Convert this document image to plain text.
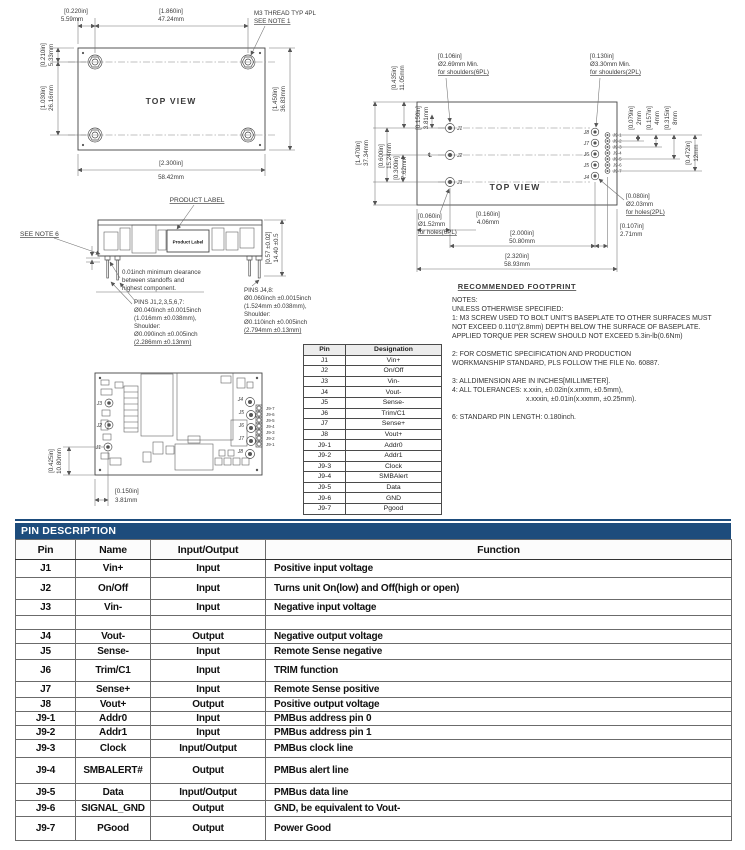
[0.220in]
5.59mm
[1.860in]
47.24mm
M3 THREAD TYP 4PL
SEE NOTE 1
[0.210in] 5.33mm
[1.030in] 26.16mm	[1.450in] 36.83mm
[2.300in]
58.42mm
TOP VIEW
J1
J2
J3
℄
J8
J7
J6
J5
J4
J9-1
J9-2
J9-3
J9-4
J9-5
J9-6
J9-7
[1.470in] 37.34mm [0.600in] 15.24mm [0.300in] 7.62mm
[0.150in] 3.81mm
[0.435in] 11.05mm
[0.106in]
Ø2.69mm Min.
for shoulders(6PL)
[0.130in]
Ø3.30mm Min.
for shoulders(2PL)
[0.079in] 2mm [0.157in] 4mm [0.315in] 8mm
[0.472in] 12mm
[0.160in]
4.06mm
[2.000in]
50.80mm
[0.107in]
2.71mm
[2.320in]
58.93mm
[0.060in]
Ø1.52mm
for holes(6PL)
[0.080in]
Ø2.03mm
for holes(2PL)
TOP VIEW
RECOMMENDED FOOTPRINT
PRODUCT LABEL
Product Label
SEE NOTE 6	[0.57 ±0.02] 14.40 ±0.5
0.01inch minimum clearance
between standoffs and
highest component.
PINS J1,2,3,5,6,7:
Ø0.040inch ±0.0015inch
(1.016mm ±0.038mm),
Shoulder:
Ø0.090inch ±0.005inch
(2.286mm ±0.13mm)
PINS J4,8:
Ø0.060inch ±0.0015inch
(1.524mm ±0.038mm),
Shoulder:
Ø0.110inch ±0.005inch
(2.794mm ±0.13mm)
J3
J2
J1
J4
J5
J6
J7
J8
J9-7
J9-6
J9-5
J9-4
J9-3
J9-2
J9-1
[0.425in] 10.80mm
[0.150in]
3.81mm
Pin	Designation
J1	Vin+
J2	On/Off
J3	Vin-
J4	Vout-
J5	Sense-
J6	Trim/C1
J7	Sense+
J8	Vout+
J9-1	Addr0
J9-2	Addr1
J9-3	Clock
J9-4	SMBAlert
J9-5	Data
J9-6	GND
J9-7	Pgood
NOTES:
UNLESS OTHERWISE SPECIFIED:
1: M3 SCREW USED TO BOLT UNIT'S BASEPLATE TO OTHER SURFACES MUST
NOT EXCEED 0.110"(2.8mm) DEPTH BELOW THE SURFACE OF BASEPLATE.
APPLIED TORQUE PER SCREW SHOULD NOT EXCEED 5.3in-lb(0.6Nm)

2: FOR COSMETIC SPECIFICATION AND PRODUCTION
WORKMANSHIP STANDARD, PLS FOLLOW THE FILE No. 60887.

3: ALLDIMENSION ARE IN INCHES[MILLIMETER].
4: ALL TOLERANCES: x.xxin, ±0.02in(x.xmm, ±0.5mm),
x.xxxin, ±0.01in(x.xxmm, ±0.25mm).

6: STANDARD PIN LENGTH: 0.180inch.
PIN DESCRIPTION
Pin	Name	Input/Output	Function
J1	Vin+	Input	Positive input voltage
J2	On/Off	Input	Turns unit On(low) and Off(high or open)
J3	Vin-	Input	Negative input voltage

J4	Vout-	Output	Negative output voltage
J5	Sense-	Input	Remote Sense negative
J6	Trim/C1	Input	TRIM function
J7	Sense+	Input	Remote Sense positive
J8	Vout+	Output	Positive output voltage
J9-1	Addr0	Input	PMBus address pin 0
J9-2	Addr1	Input	PMBus address pin 1
J9-3	Clock	Input/Output	PMBus clock line
J9-4	SMBALERT#	Output	PMBus alert line
J9-5	Data	Input/Output	PMBus data line
J9-6	SIGNAL_GND	Output	GND, be equivalent to Vout-
J9-7	PGood	Output	Power Good
